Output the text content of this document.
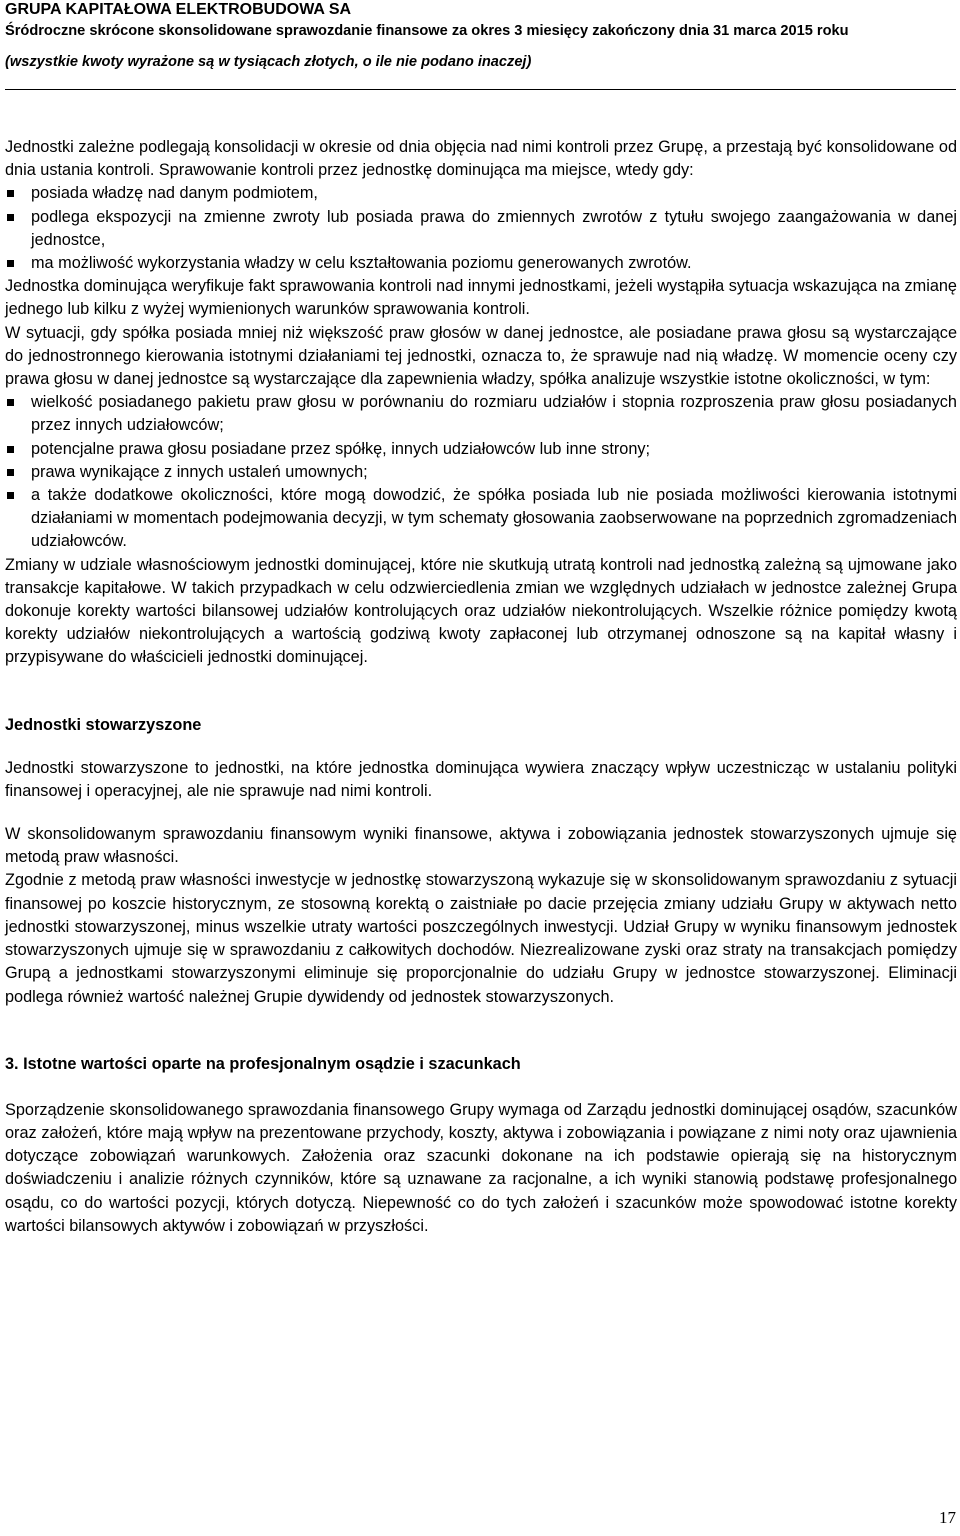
GRUPA KAPITAŁOWA ELEKTROBUDOWA SA
Śródroczne skrócone skonsolidowane sprawozdanie finansowe za okres 3 miesięcy zakończony dnia 31 marca 2015 roku
(wszystkie kwoty wyrażone są w tysiącach złotych, o ile nie podano inaczej)

Jednostki zależne podlegają konsolidacji w okresie od dnia objęcia nad nimi kontroli przez Grupę, a przestają być konsolidowane od dnia ustania kontroli. Sprawowanie kontroli przez jednostkę dominująca ma miejsce, wtedy gdy:

posiada władzę nad danym podmiotem,
podlega ekspozycji na zmienne zwroty lub posiada prawa do zmiennych zwrotów z tytułu swojego zaangażowania w danej jednostce,
ma możliwość wykorzystania władzy w celu kształtowania poziomu generowanych zwrotów.

Jednostka dominująca weryfikuje fakt sprawowania kontroli nad innymi jednostkami, jeżeli wystąpiła sytuacja wskazująca na zmianę jednego lub kilku z wyżej wymienionych warunków sprawowania kontroli.

W sytuacji, gdy spółka posiada mniej niż większość praw głosów w danej jednostce, ale posiadane prawa głosu są wystarczające do jednostronnego kierowania istotnymi działaniami tej jednostki, oznacza to, że sprawuje nad nią władzę. W momencie oceny czy prawa głosu w danej jednostce są wystarczające dla zapewnienia władzy, spółka analizuje wszystkie istotne okoliczności, w tym:

wielkość posiadanego pakietu praw głosu w porównaniu do rozmiaru udziałów i stopnia rozproszenia praw głosu posiadanych przez innych udziałowców;
potencjalne prawa głosu posiadane przez spółkę, innych udziałowców lub inne strony;
prawa wynikające z innych ustaleń umownych;
a także dodatkowe okoliczności, które mogą dowodzić, że spółka posiada lub nie posiada możliwości kierowania istotnymi działaniami w momentach podejmowania decyzji, w tym schematy głosowania zaobserwowane na poprzednich zgromadzeniach udziałowców.

Zmiany w udziale własnościowym jednostki dominującej, które nie skutkują utratą kontroli nad jednostką zależną są ujmowane jako transakcje kapitałowe. W takich przypadkach w celu odzwierciedlenia zmian we względnych udziałach w jednostce zależnej Grupa dokonuje korekty wartości bilansowej udziałów kontrolujących oraz udziałów niekontrolujących. Wszelkie różnice pomiędzy kwotą korekty udziałów niekontrolujących a wartością godziwą kwoty zapłaconej lub otrzymanej odnoszone są na kapitał własny i przypisywane do właścicieli jednostki dominującej.

Jednostki stowarzyszone

Jednostki stowarzyszone to jednostki, na które jednostka dominująca wywiera znaczący wpływ uczestnicząc w ustalaniu polityki finansowej i operacyjnej, ale nie sprawuje nad nimi kontroli.

W skonsolidowanym sprawozdaniu finansowym wyniki finansowe, aktywa i zobowiązania jednostek stowarzyszonych ujmuje się metodą praw własności.

Zgodnie z metodą praw własności inwestycje w jednostkę stowarzyszoną wykazuje się w skonsolidowanym sprawozdaniu z sytuacji finansowej po koszcie historycznym, ze stosowną korektą o zaistniałe po dacie przejęcia zmiany udziału Grupy w aktywach netto jednostki stowarzyszonej, minus wszelkie utraty wartości poszczególnych inwestycji. Udział Grupy w wyniku finansowym jednostek stowarzyszonych ujmuje się w sprawozdaniu z całkowitych dochodów. Niezrealizowane zyski oraz straty na transakcjach pomiędzy Grupą a jednostkami stowarzyszonymi eliminuje się proporcjonalnie do udziału Grupy w jednostce stowarzyszonej. Eliminacji podlega również wartość należnej Grupie dywidendy od jednostek stowarzyszonych.

3. Istotne wartości oparte na profesjonalnym osądzie i szacunkach

Sporządzenie skonsolidowanego sprawozdania finansowego Grupy wymaga od Zarządu jednostki dominującej osądów, szacunków oraz założeń, które mają wpływ na prezentowane przychody, koszty, aktywa i zobowiązania i powiązane z nimi noty oraz ujawnienia dotyczące zobowiązań warunkowych. Założenia oraz szacunki dokonane na ich podstawie opierają się na historycznym doświadczeniu i analizie różnych czynników, które są uznawane za racjonalne, a ich wyniki stanowią podstawę profesjonalnego osądu, co do wartości pozycji, których dotyczą. Niepewność co do tych założeń i szacunków może spowodować istotne korekty wartości bilansowych aktywów i zobowiązań w przyszłości.

17
